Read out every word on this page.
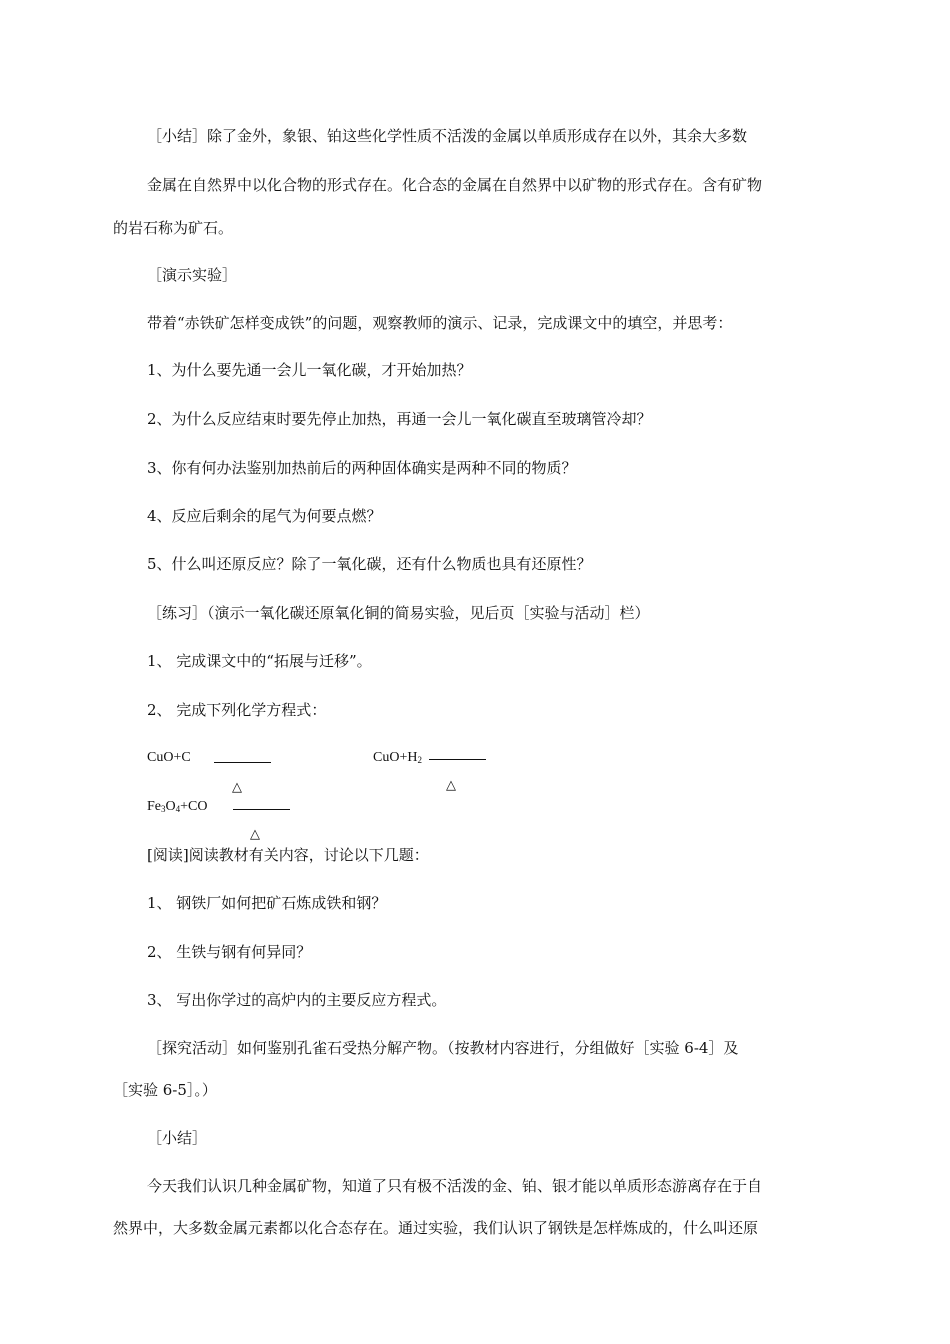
［小结］除了金外，象银、铂这些化学性质不活泼的金属以单质形成存在以外，其余大多数
金属在自然界中以化合物的形式存在。化合态的金属在自然界中以矿物的形式存在。含有矿物
的岩石称为矿石。
［演示实验］
带着“赤铁矿怎样变成铁”的问题，观察教师的演示、记录，完成课文中的填空，并思考：
1、为什么要先通一会儿一氧化碳，才开始加热？
2、为什么反应结束时要先停止加热，再通一会儿一氧化碳直至玻璃管冷却？
3、你有何办法鉴别加热前后的两种固体确实是两种不同的物质？
4、反应后剩余的尾气为何要点燃？
5、什么叫还原反应？除了一氧化碳，还有什么物质也具有还原性？
［练习］（演示一氧化碳还原氧化铜的简易实验，见后页［实验与活动］栏）
1、 完成课文中的“拓展与迁移”。
2、 完成下列化学方程式：
CuO+C
△
$CuO+H_2$
△
$Fe_3O_4+CO$
△
[阅读]阅读教材有关内容，讨论以下几题：
1、 钢铁厂如何把矿石炼成铁和钢？
2、 生铁与钢有何异同？
3、 写出你学过的高炉内的主要反应方程式。
［探究活动］如何鉴别孔雀石受热分解产物。（按教材内容进行，分组做好［实验 6-4］及
［实验 6-5］。）
［小结］
今天我们认识几种金属矿物，知道了只有极不活泼的金、铂、银才能以单质形态游离存在于自
然界中，大多数金属元素都以化合态存在。通过实验，我们认识了钢铁是怎样炼成的，什么叫还原
